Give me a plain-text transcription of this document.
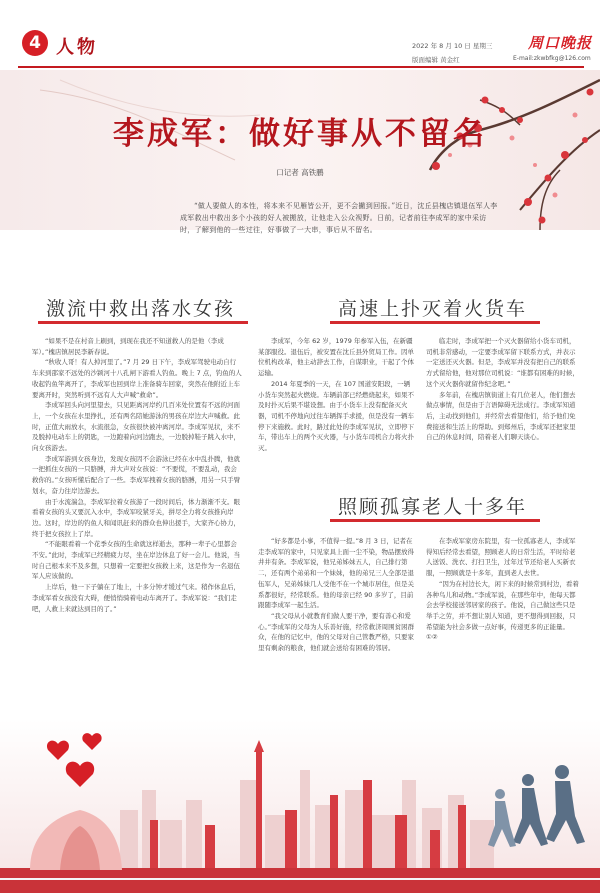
4 人物	2022 年 8 月 10 日 星期三
版面编辑 黄金红
周口晚报
E-mail:zkwbfkg@126.com
李成军：做好事从不留名
口记者 高铁鹏
“做人要做人的本性，将本来不见雁皆公开，更不会撇到回报。”近日，沈丘县槐店镇退伍军人李成军救出中救出多个小孩的好人被搬放，让他走入公众视野。日前，记者前往李成军的家中采访时，了解到他的一些过往，好事做了一大串，事后从不留名。
激流中救出落水女孩

“如果不是在村音上刷到，到现在我还不知道救人的是他（李成军）。”槐店镇居民李新春说。

“秋收人哥！有人掉河里了。”7 月 29 日下午，李成军驾驶电动自行车来到邵家不远处的沙颍河十八孔闸下游看人钓鱼。晚上 7 点，钓鱼的人收起钓鱼竿离开了，李成军也回到岸上准备骑车回家，突然在他附近上车要离开时，突然听到不远有人大声喊“救命”。

李成军回头向河里望去，只见距离河岸约几百米处位置有不远的河面上，一个女孩在水里挣扎，还有两名陪她游泳的男孩在岸边大声喊救。此时，正值大雨放水，水流很急，女孩很快被冲离河岸。李成军见状，来不及脱掉电动车上的钥匙，一边跑着向河边跑去，一边脱掉鞋子跳入水中，向女孩游去。

李成军游到女孩身边，发现女孩因不会游泳已经在水中乱扑腾，他就一把抓住女孩的一只胳膊，并大声对女孩说：“不要慌，不要乱动，我会救你的。”女孩听懂后配合了一些。李成军拽着女孩的胳膊，用另一只手臂划水，奋力往岸边游去。

由于水流湍急，李成军拉着女孩游了一段时间后，体力渐渐不支。眼看着女孩的头又要沉入水中，李成军咬紧牙关，拼尽全力将女孩推向岸边。这时，岸边的钓鱼人和闻讯赶来的群众也伸出援手，大家齐心协力，终于把女孩拉上了岸。

“不能眼看着一个花季女孩的生命就这样逝去，那种一辈子心里都会不安。”此时，李成军已经精疲力尽，坐在岸边休息了好一会儿。他说，当时自己根本来不及多想，只想着一定要把女孩救上来，这是作为一名退伍军人应该做的。

上岸后，他一下子躺在了地上，十多分钟才缓过气来。稍作休息后，李成军看女孩没有大碍，便悄悄骑着电动车离开了。李成军说：“我们走吧，人救上来就达到目的了。”

高速上扑灭着火货车

李成军，今年 62 岁，1979 年参军入伍，在新疆某部服役。退伍后，被安置在沈丘县外贸局工作。因单位机构改革，他主动辞去工作，自谋职业，干起了个体运输。

2014 年夏季的一天，在 107 国道安阳段，一辆小货车突然起火燃烧。车辆前部已经燃烧起来，如果不及时扑灭后果不堪设想。由于小货车上没有配备灭火器，司机不停地向过往车辆挥手求援，但是没有一辆车停下来施救。此时，路过此处的李成军见状，立即停下车，带出车上的两个灭火器，与小货车司机合力将火扑灭。

临走时，李成军把一个灭火器留给小货车司机，司机非常感动，一定要李成军留下联系方式，并表示一定送还灭火器。但是，李成军并没有把自己的联系方式留给他，他对那位司机说：“谁都有困难的时候，这个灭火器你就留作纪念吧。”

多年前，在槐店镇街道上有几位老人，他们想去做点事情，但是由于言语障碍无法成行。李成军知道后，主动找到他们，并经常去看望他们，给予他们免费接送和生活上的帮助。到郑州后，李成军还把家里自己的休息时间，陪着老人们聊天谈心。

照顾孤寡老人十多年

“好多都是小事，不值得一提。”8 月 3 日，记者在走李成军的家中，只见家具上面一尘不染，物品摆放得井井有条。李成军说，他兄弟姊妹五人，自己排行第二，还有两个弟弟和一个妹妹，他的弟兄三人全部是退伍军人，兄弟姊妹几人受他不在一个城市居住，但是关系都很好，经常联系。他的母亲已经 90 多岁了，目前跟随李成军一起生活。

“我父母从小就教育们做人要干净，要有善心和爱心。”李成军的父母为人乐善好施，经常救济周围贫困群众，在他的记忆中，他的父母对自己管教严格，只要家里有剩余的粮食，他们就会送给有困难的邻居。

在李成军家房东院里，有一位孤寡老人，李成军得知后经常去看望，照顾老人的日常生活，平时给老人送饭、洗衣、打扫卫生，过年过节还给老人买新衣服，一照顾就是十多年，直到老人去世。

“因为在村边长大，闲下来的时候常到村边，看着各种鸟儿和动物。”李成军说，在那些年中，他每天都会去学校接送邻居家的孩子。他说，自己做这些只是举手之劳，并不想让别人知道，更不想得到回报，只希望能为社会多做一点好事，传递更多的正能量。①②
